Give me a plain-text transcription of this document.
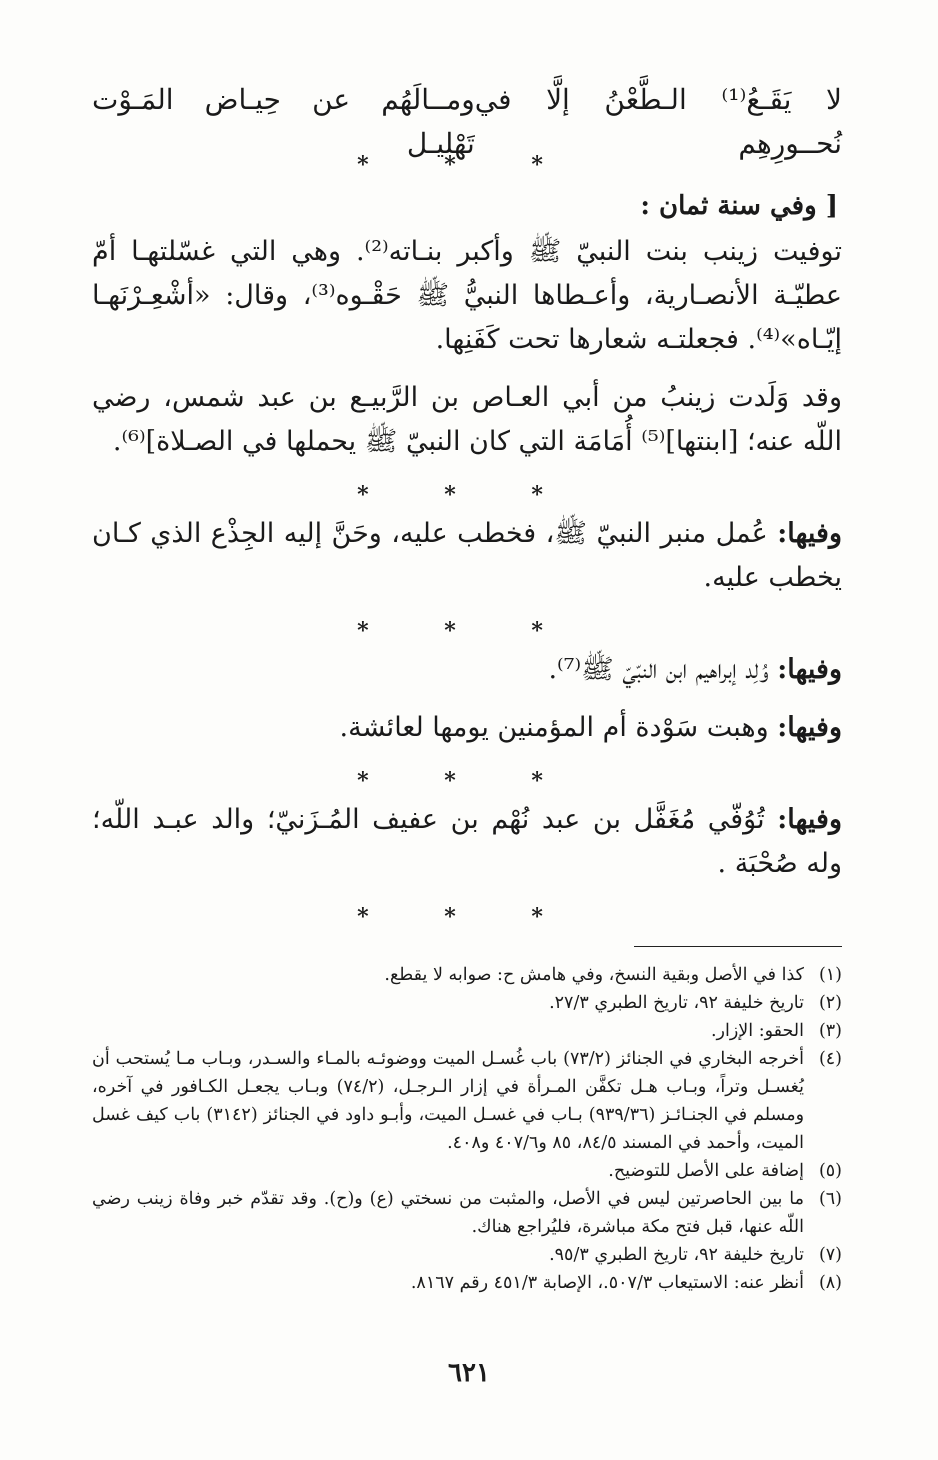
لا يَقَـعُ⁽¹⁾ الـطَّعْنُ إلَّا في نُحــورِهِم
ومــالَهُم عن حِيـاض المَـوْت تَهْليـل
* * *
[ وفي سنة ثمان :

توفيت زينب بنت النبيّ ﷺ وأكبر بنـاته⁽²⁾. وهي التي غسّلتهـا أمّ عطيّـة الأنصـارية، وأعـطاها النبيُّ ﷺ حَقْـوه⁽³⁾، وقال: «أشْعِـرْنَهـا إيّـاه»⁽⁴⁾. فجعلتـه شعارها تحت كَفَنِها.

وقد وَلَدت زينبُ من أبي العـاص بن الرَّبيـع بن عبد شمس، رضي اللّه عنه؛ [ابنتها]⁽⁵⁾ أُمَامَة التي كان النبيّ ﷺ يحملها في الصـلاة]⁽⁶⁾.

* * *

وفيها: عُمل منبر النبيّ ﷺ، فخطب عليه، وحَنَّ إليه الجِذْع الذي كـان يخطب عليه.

* * *

وفيها: وُلِد إبراهيم ابن النبّيّ ﷺ⁽⁷⁾.

وفيها: وهبت سَوْدة أم المؤمنين يومها لعائشة.

* * *

وفيها: تُوُفّي مُغَفَّل بن عبد نُهْم بن عفيف المُـزَنيّ؛ والد عبـد اللّه؛ وله صُحْبَة .

* * *
(١)
كذا في الأصل وبقية النسخ، وفي هامش ح: صوابه لا يقطع.
(٢)
تاريخ خليفة ٩٢، تاريخ الطبري ٢٧/٣.
(٣)
الحقو: الإزار.
(٤)
أخرجه البخاري في الجنائز (٧٣/٢) باب غُسـل الميت ووضوئـه بالمـاء والسـدر، وبـاب مـا يُستحب أن يُغسـل وتراً، وبـاب هـل تكفَّن المـرأة في إزار الـرجـل، (٧٤/٢) وبـاب يجعـل الكـافور في آخره، ومسلم في الجنـائـز (٩٣٩/٣٦) بـاب في غسـل الميت، وأبـو داود في الجنائز (٣١٤٢) باب كيف غسل الميت، وأحمد في المسند ٨٤/٥، ٨٥ و٤٠٧/٦ و٤٠٨.
(٥)
إضافة على الأصل للتوضيح.
(٦)
ما بين الحاصرتين ليس في الأصل، والمثبت من نسختي (ع) و(ح). وقد تقدّم خبر وفاة زينب رضي اللّه عنها، قبل فتح مكة مباشرة، فليُراجع هناك.
(٧)
تاريخ خليفة ٩٢، تاريخ الطبري ٩٥/٣.
(٨)
أنظر عنه: الاستيعاب ٥٠٧/٣.، الإصابة ٤٥١/٣ رقم ٨١٦٧.
٦٢١
